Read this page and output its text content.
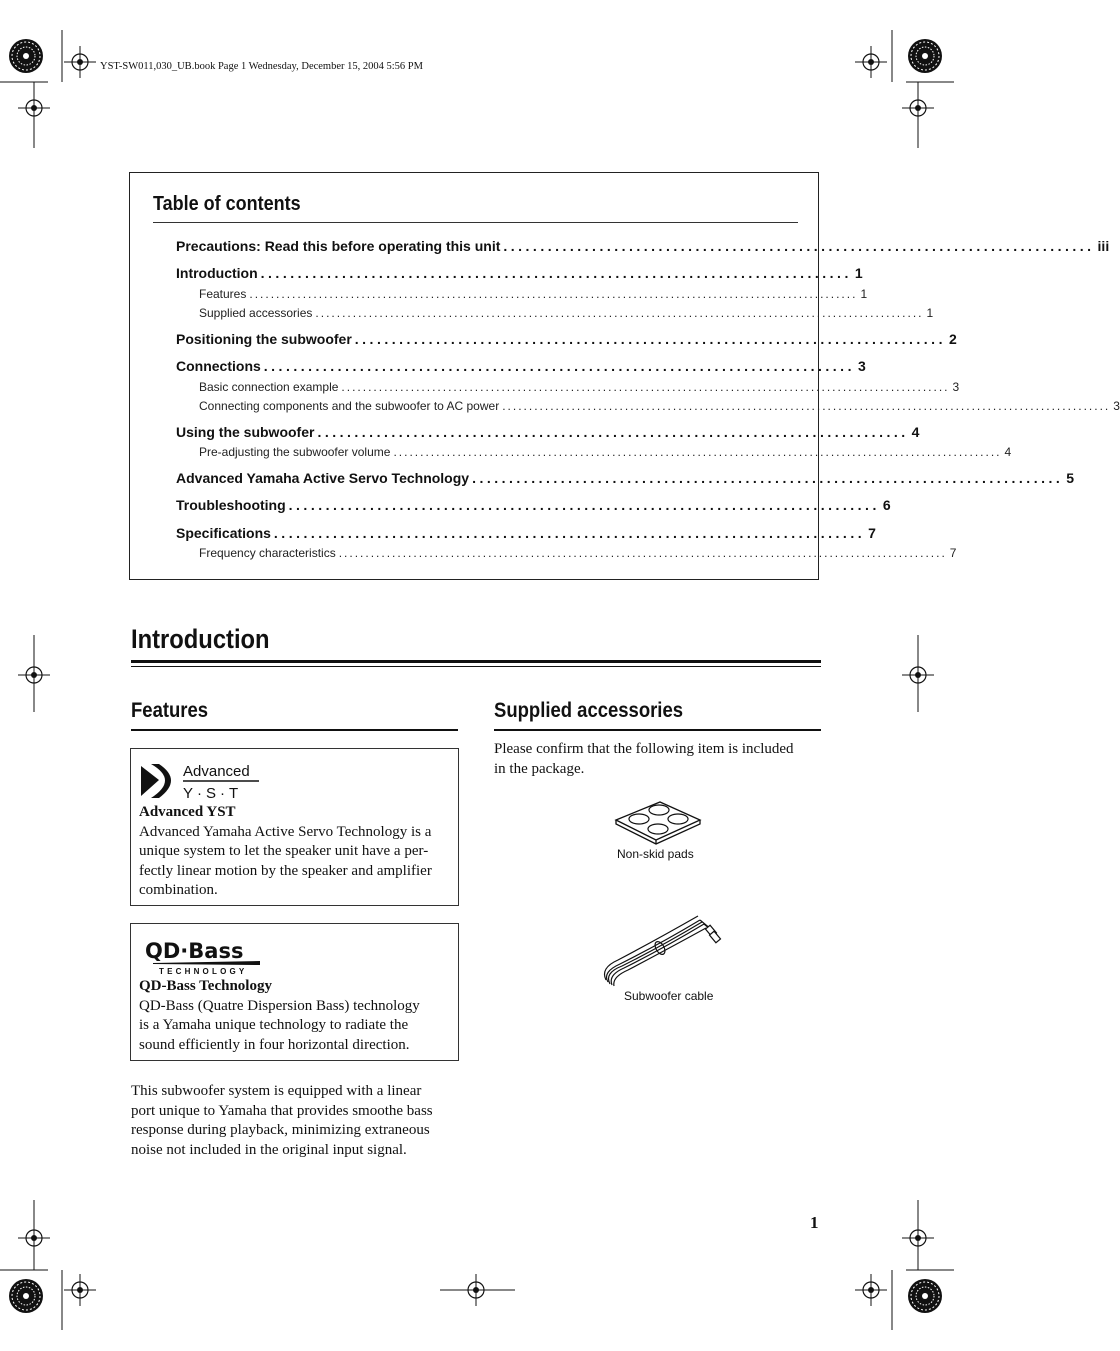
YST-SW011,030_UB.book Page 1 Wednesday, December 15, 2004 5:56 PM
Table of contents
Precautions: Read this before operating this unit ................................................................................ iii
Introduction ................................................................................ 1
Features .................................................................................................................. 1
Supplied accessories .................................................................................................................. 1
Positioning the subwoofer ................................................................................ 2
Connections ................................................................................ 3
Basic connection example .................................................................................................................. 3
Connecting components and the subwoofer to AC power .................................................................................................................. 3
Using the subwoofer ................................................................................ 4
Pre-adjusting the subwoofer volume .................................................................................................................. 4
Advanced Yamaha Active Servo Technology ................................................................................ 5
Troubleshooting ................................................................................ 6
Specifications ................................................................................ 7
Frequency characteristics .................................................................................................................. 7
Introduction
Features
Advanced
Y·S·T
Advanced YST
Advanced Yamaha Active Servo Technology is a
unique system to let the speaker unit have a per-
fectly linear motion by the speaker and amplifier
combination.
QD·Bass
TECHNOLOGY
QD-Bass Technology
QD-Bass (Quatre Dispersion Bass) technology
is a Yamaha unique technology to radiate the
sound efficiently in four horizontal direction.
This subwoofer system is equipped with a linear
port unique to Yamaha that provides smoothe bass
response during playback, minimizing extraneous
noise not included in the original input signal.
Supplied accessories
Please confirm that the following item is included
in the package.
Non-skid pads
Subwoofer cable
1
